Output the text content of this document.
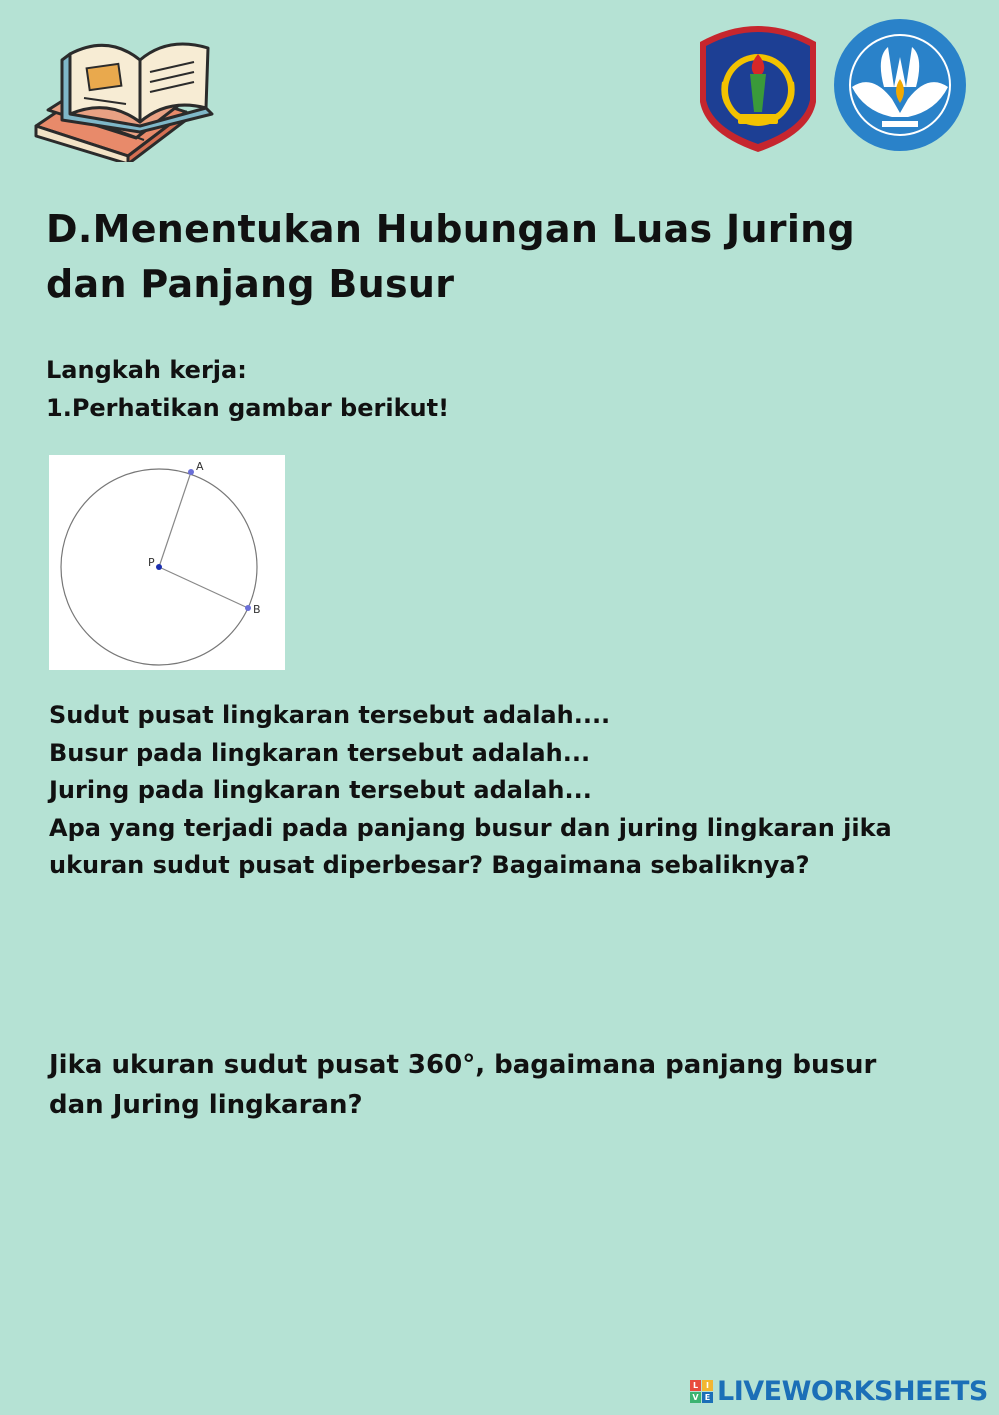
D.Menentukan Hubungan Luas Juring dan Panjang Busur

Langkah kerja:

1.Perhatikan gambar berikut!

A
B
P

Sudut pusat lingkaran tersebut adalah....

Busur pada lingkaran tersebut adalah...

Juring pada lingkaran tersebut adalah...

Apa yang terjadi pada panjang busur dan juring lingkaran jika

ukuran sudut pusat diperbesar? Bagaimana sebaliknya?

Jika ukuran sudut pusat 360°, bagaimana panjang busur

dan Juring lingkaran?

L I
V E LIVEWORKSHEETS
